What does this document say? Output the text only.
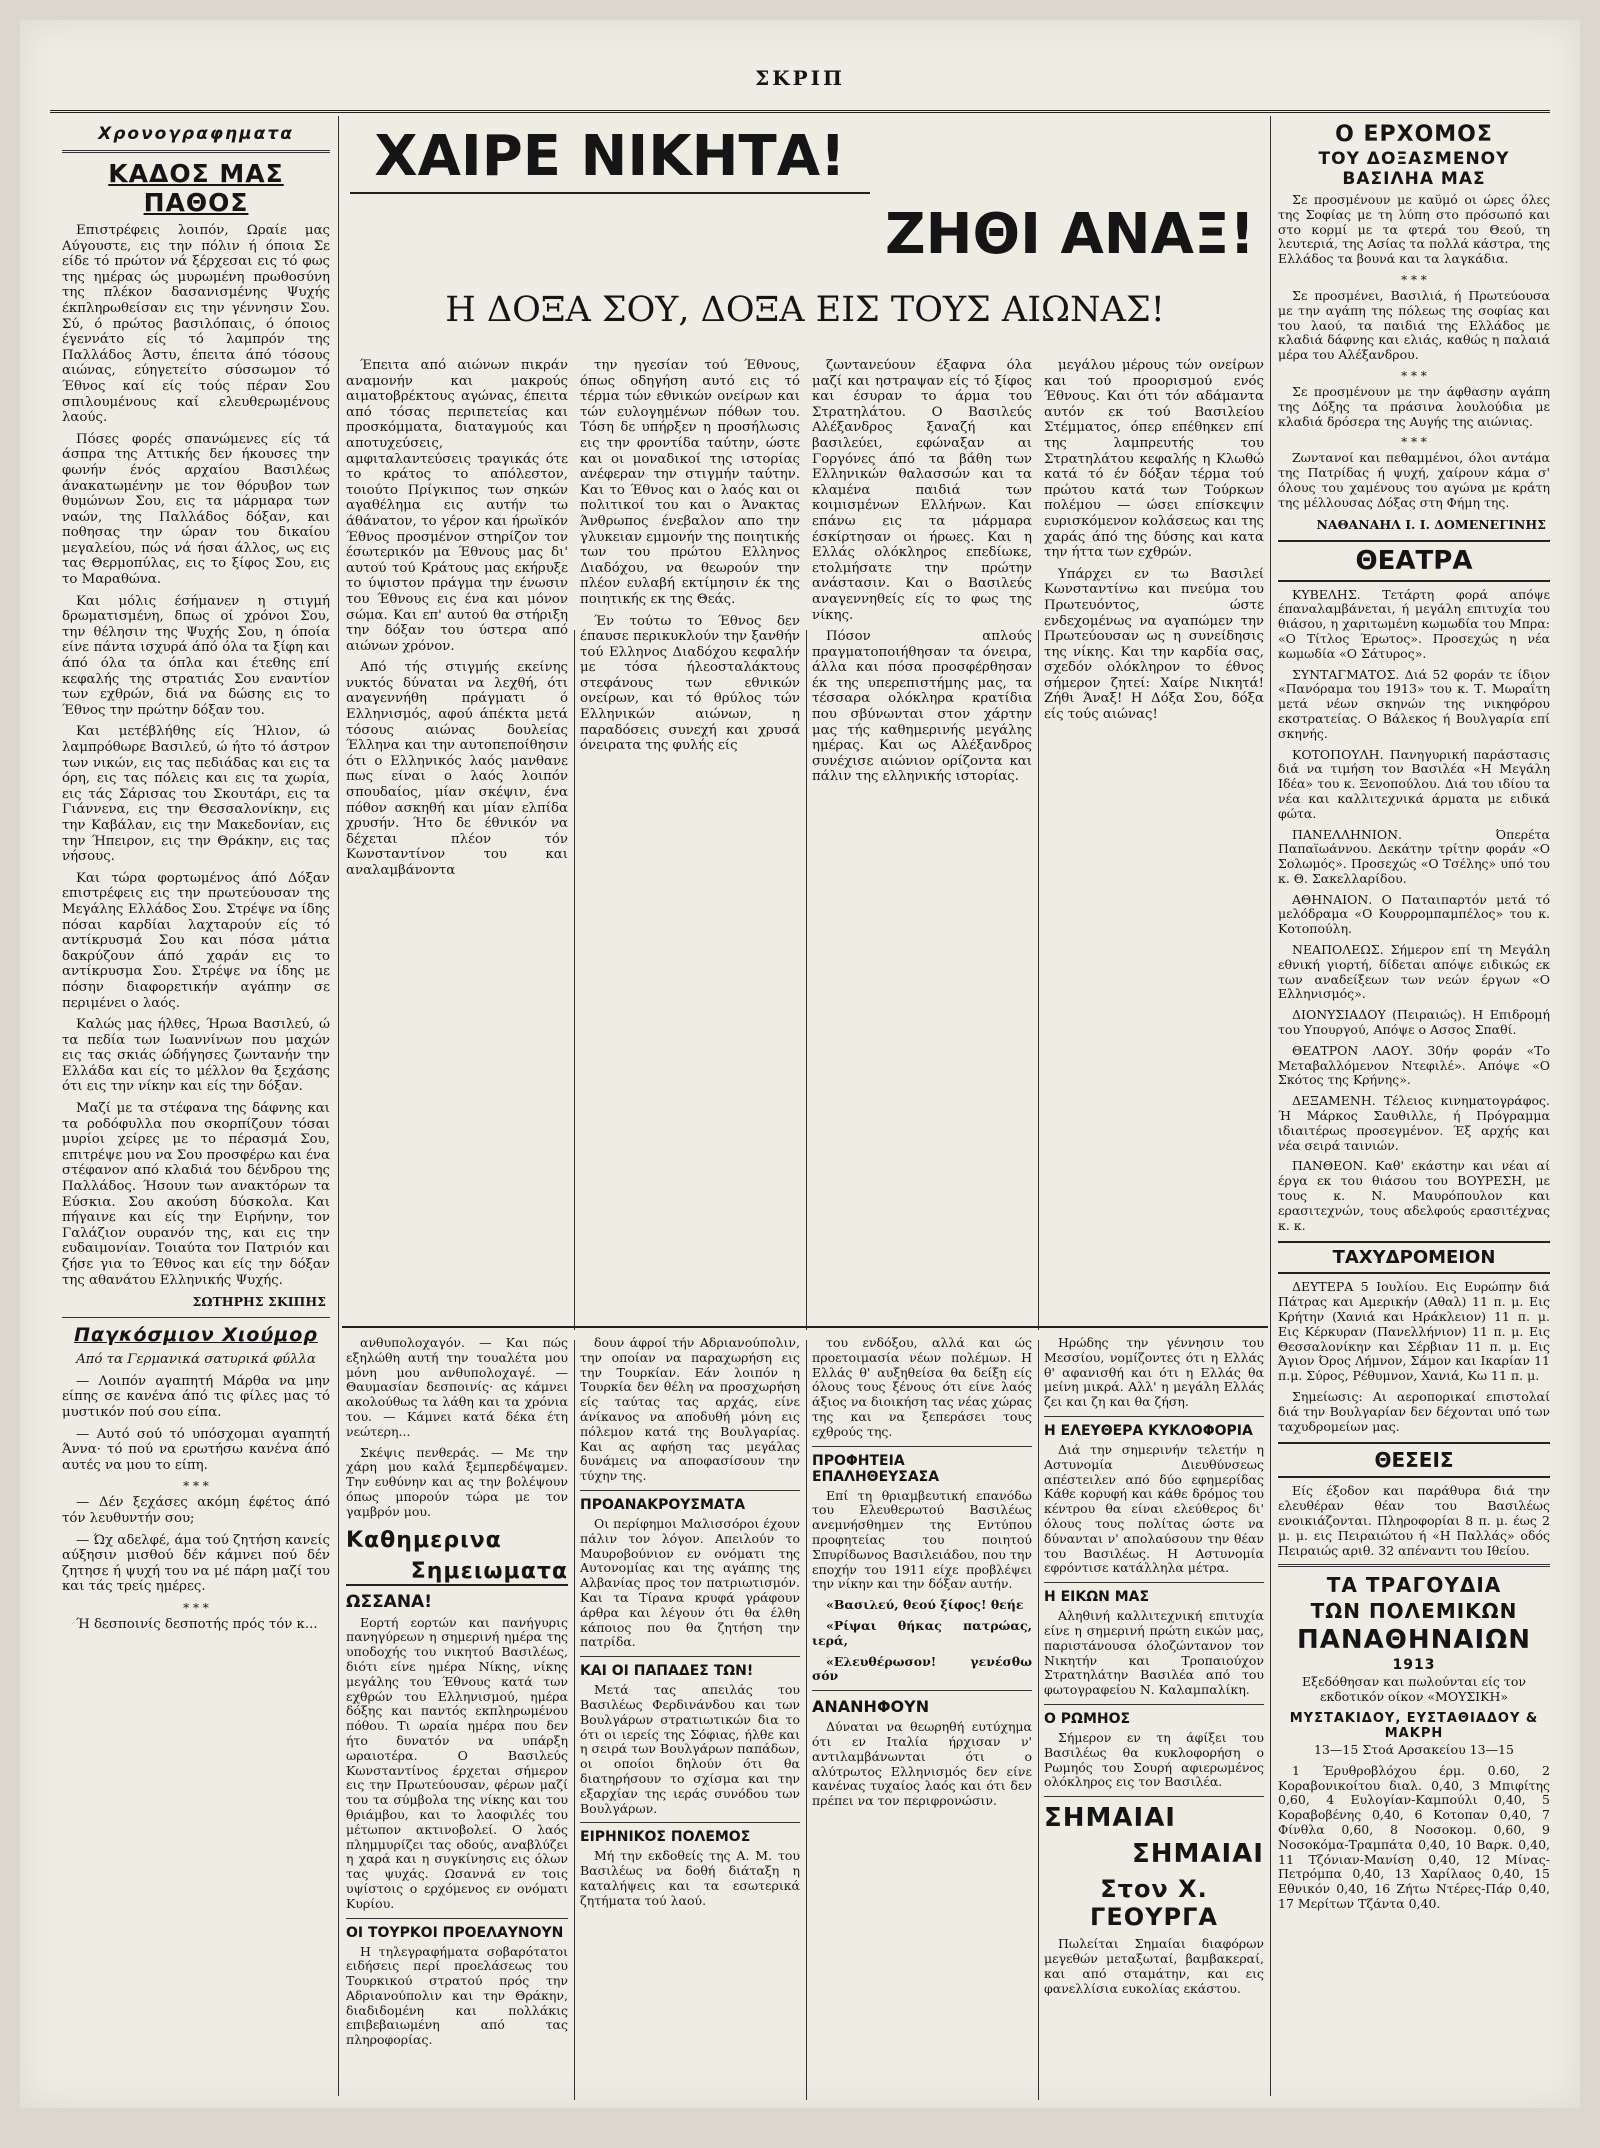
ΣΚΡΙΠ
Χρονογραφηματα
ΚΑΔΟΣ ΜΑΣ ΠΑΘΟΣ

Επιστρέφεις λοιπόν, Ωραίε μας Αύγουστε, εις την πόλιν ή όποια Σε είδε τό πρώτον νά ξέρχεσαι εις τό φως της ημέρας ώς μυρωμένη πρωθοσύνη της πλέκον δασανισμένης Ψυχής έκπληρωθείσαν εις την γέννησιν Σου. Σύ, ό πρώτος βασιλόπαις, ό όποιος έγεννάτο είς τό λαμπρόν της Παλλάδος Άστυ, έπειτα άπό τόσους αιώνας, εύηγετείτο σύσσωμον τό Έθνος καί είς τούς πέραν Σου σπιλουμένους καί ελευθερωμένους λαούς.

Πόσες φορές σπανώμενες είς τά άσπρα της Αττικής δεν ήκουσες την φωνήν ένός αρχαίου Βασιλέως άνακατωμένην με τον θόρυβον των θυμώνων Σου, εις τα μάρμαρα των ναών, της Παλλάδος δόξαν, και ποθησας την ώραν του δικαίου μεγαλείου, πώς νά ήσαι άλλος, ως εις τας Θερμοπύλας, εις το ξίφος Σου, εις το Μαραθώνα.

Και μόλις έσήμανεν η στιγμή δρωματισμένη, δπως οί χρόνοι Σου, την θέλησιν της Ψυχής Σου, η όποία είνε πάντα ισχυρά άπό όλα τα ξίφη και άπό όλα τα όπλα και έτεθης επί κεφαλής της στρατιάς Σου εναντίον των εχθρών, διά να δώσης εις το Έθνος την πρώτην δόξαν του.

Και μετέβλήθης είς Ήλιον, ώ λαμπρόθωρε Βασιλεύ, ώ ήτο τό άστρον των νικών, εις τας πεδιάδας και εις τα όρη, εις τας πόλεις και εις τα χωρία, εις τάς Σάρισας του Σκουτάρι, εις τα Γιάννενα, εις την Θεσσαλονίκην, εις την Καβάλαν, εις την Μακεδονίαν, εις την Ήπειρον, εις την Θράκην, εις τας νήσους.

Και τώρα φορτωμένος άπό Δόξαν επιστρέφεις εις την πρωτεύουσαν της Μεγάλης Ελλάδος Σου. Στρέψε να ίδης πόσαι καρδίαι λαχταρούν είς τό αντίκρυσμά Σου και πόσα μάτια δακρύζουν άπό χαράν εις το αντίκρυσμα Σου. Στρέψε να ίδης με πόσην διαφορετικήν αγάπην σε περιμένει ο λαός.

Καλώς μας ήλθες, Ήρωα Βασιλεύ, ώ τα πεδία των Ιωαννίνων που μαχών εις τας σκιάς ώδήγησες ζωντανήν την Ελλάδα και είς το μέλλον θα ξεχάσης ότι εις την νίκην και είς την δόξαν.

Μαζί με τα στέφανα της δάφνης και τα ροδόφυλλα που σκορπίζουν τόσαι μυρίοι χείρες με το πέρασμά Σου, επιτρέψε μου να Σου προσφέρω και ένα στέφανον από κλαδιά του δένδρου της Παλλάδος. Ήσουν των ανακτόρων τα Εύσκια. Σου ακούση δύσκολα. Και πήγαινε και είς την Ειρήνην, τον Γαλάζιον ουρανόν της, και εις την ευδαιμονίαν. Τοιαύτα τον Πατριόν και ζήσε για το Έθνος και είς την δόξαν της αθανάτου Ελληνικής Ψυχής.

ΣΩΤΗΡΗΣ ΣΚΙΠΗΣ
Παγκόσμιον Χιούμορ

Από τα Γερμανικά σατυρικά φύλλα

— Λοιπόν αγαπητή Μάρθα να μην είπης σε κανένα άπό τις φίλες μας τό μυστικόν πού σου είπα.

— Αυτό σού τό υπόσχομαι αγαπητή Άννα· τό πού να ερωτήσω κανένα άπό αυτές να μου το είπη.

* * *

— Δέν ξεχάσες ακόμη έφέτος άπό τόν λευθυντήν σου;

— Ώχ αδελφέ, άμα τού ζητήση κανείς αύξησιν μισθού δέν κάμνει πού δέν ζητησε ή ψυχή του να μέ πάρη μαζί του και τάς τρείς ημέρες.

* * *

Ή δεσποινίς δεσποτής πρός τόν κ...

ΧΑΙΡΕ ΝΙΚΗΤΑ!
ΖΗΘΙ ΑΝΑΞ!
Η ΔΟΞΑ ΣΟΥ, ΔΟΞΑ ΕΙΣ ΤΟΥΣ ΑΙΩΝΑΣ!

Έπειτα από αιώνων πικράν αναμονήν και μακρούς αιματοβρέκτους αγώνας, έπειτα από τόσας περιπετείας και προσκόμματα, διαταγμούς και αποτυχεύσεις, αμφιταλαντεύσεις τραγικάς ότε το κράτος το απόλεστον, τοιούτο Πρίγκιπος των σηκών αγαθέλημα εις αυτήν τω άθάνατον, το γέρον και ήρωϊκόν Έθνος προσμένον στηρίζον τον έσωτερικόν μα Έθνους μας δι' αυτού τού Κράτους μας εκήρυξε το ύψιστον πράγμα την ένωσιν του Έθνους εις ένα και μόνον σώμα. Και επ' αυτού θα στήριξη την δόξαν του ύστερα από αιώνων χρόνον.

Από τής στιγμής εκείνης νυκτός δύναται να λεχθή, ότι αναγεννήθη πράγματι ό Ελληνισμός, αφού άπέκτα μετά τόσους αιώνας δουλείας Έλληνα και την αυτοπεποίθησιν ότι ο Ελληνικός λαός μανθανε πως είναι ο λαός λοιπόν σπουδαίος, μίαν σκέψιν, ένα πόθον ασκηθή και μίαν ελπίδα χρυσήν. Ήτο δε έθνικόν να δέχεται πλέον τόν Κωνσταντίνον του και αναλαμβάνοντα

την ηγεσίαν τού Έθνους, όπως οδηγήση αυτό εις τό τέρμα τών εθνικών ονείρων και τών ευλογημένων πόθων του. Τόση δε υπήρξεν η προσήλωσις εις την φροντίδα ταύτην, ώστε και οι μοναδικοί της ιστορίας ανέφεραν την στιγμήν ταύτην. Και το Έθνος και ο λαός και οι πολιτικοί του και ο Άνακτας Άνθρωπος ένεβαλον απο την γλυκειαν εμμονήν της ποιητικής των του πρώτου Ελληνος Διαδόχου, να θεωρούν την πλέον ευλαβή εκτίμησιν έκ της ποιητικής εκ της Θεάς.

Έν τούτω το Έθνος δεν έπαυσε περικυκλούν την ξανθήν τού Ελληνος Διαδόχου κεφαλήν με τόσα ήλεοσταλάκτους στεφάνους των εθνικών ονείρων, και τό θρύλος τών Ελληνικών αιώνων, η παραδόσεις συνεχή και χρυσά όνειρατα της φυλής είς

ζωντανεύουν έξαφνα όλα μαζί και ηστραψαν είς τό ξίφος και έσυραν το άρμα του Στρατηλάτου. Ο Βασιλεύς Αλέξανδρος ξαναζή και βασιλεύει, εφώναξαν αι Γοργόνες άπό τα βάθη των Ελληνικών θαλασσών και τα κλαμένα παιδιά των κοιμισμένων Ελλήνων. Και επάνω εις τα μάρμαρα έσκίρτησαν οι ήρωες. Και η Ελλάς ολόκληρος επεδίωκε, ετολμήσατε την πρώτην ανάστασιν. Και ο Βασιλεύς αναγεννηθείς είς το φως της νίκης.

Πόσον απλούς πραγματοποιήθησαν τα όνειρα, άλλα και πόσα προσφέρθησαν έκ της υπερεπιστήμης μας, τα τέσσαρα ολόκληρα κρατίδια που σβύνωνται στον χάρτην μας τής καθημερινής μεγάλης ημέρας. Και ως Αλέξανδρος συνέχισε αιώνιον ορίζοντα και πάλιν της ελληνικής ιστορίας.

μεγάλου μέρους τών ονείρων και τού προορισμού ενός Έθνους. Και ότι τόν αδάμαντα αυτόν εκ τού Βασιλείου Στέμματος, όπερ επέθηκεν επί της λαμπρευτής του Στρατηλάτου κεφαλής η Κλωθώ κατά τό έν δόξαν τέρμα τού πρώτου κατά των Τούρκων πολέμου — ώσει επίσκεψιν ευρισκόμενον κολάσεως και της χαράς άπό της δύσης και κατα την ήττα των εχθρών.

Υπάρχει εν τω Βασιλεί Κωνσταντίνω και πνεύμα του Πρωτευόντος, ώστε ενδεχομένως να αγαπώμεν την Πρωτεύουσαν ως η συνείδησις της νίκης. Και την καρδία σας, σχεδόν ολόκληρον το έθνος σήμερον ζητεί: Χαίρε Νικητά! Ζήθι Άναξ! Η Δόξα Σου, δόξα είς τούς αιώνας!

ανθυπολοχαγόν. — Και πώς εξηλώθη αυτή την τουαλέτα μου μόνη μου ανθυπολοχαγέ. — Θαυμασίαν δεσποινίς· ας κάμνει ακολούθως τα λάθη και τα χρόνια του. — Κάμνει κατά δέκα έτη νεώτερη...

Σκέψις πενθεράς. — Με την χάρη μου καλά ξεμπερδέψαμεν. Την ευθύνην και ας την βολέψουν όπως μπορούν τώρα με τον γαμβρόν μου.

Καθημερινα
Σημειωματα
ΩΣΣΑΝΑ!

Εορτή εορτών και πανήγυρις πανηγύρεων η σημερινή ημέρα της υποδοχής του νικητού Βασιλέως, διότι είνε ημέρα Νίκης, νίκης μεγάλης του Έθνους κατά των εχθρών του Ελληνισμού, ημέρα δόξης και παντός εκπληρωμένου πόθου. Τι ωραία ημέρα που δεν ήτο δυνατόν να υπάρξη ωραιοτέρα. Ο Βασιλεύς Κωνσταντίνος έρχεται σήμερον εις την Πρωτεύουσαν, φέρων μαζί του τα σύμβολα της νίκης και του θριάμβου, και το λαοφιλές του μέτωπον ακτινοβολεί. Ο λαός πλημμυρίζει τας οδούς, αναβλύζει η χαρά και η συγκίνησις εις όλων τας ψυχάς. Ωσαννά εν τοις υψίστοις ο ερχόμενος εν ονόματι Κυρίου.

ΟΙ ΤΟΥΡΚΟΙ ΠΡΟΕΛΑΥΝΟΥΝ

Η τηλεγραφήματα σοβαρότατοι ειδήσεις περί προελάσεως του Τουρκικού στρατού πρός την Αδριανούπολιν και την Θράκην, διαδιδομένη και πολλάκις επιβεβαιωμένη από τας πληροφορίας.

δουν άφροί τήν Αδριανούπολιν, την οποίαν να παραχωρήση εις την Τουρκίαν. Εάν λοιπόν η Τουρκία δεν θέλη να προσχωρήση είς ταύτας τας αρχάς, είνε άνίκανος να αποδυθή μόνη εις πόλεμον κατά της Βουλγαρίας. Και ας αφήση τας μεγάλας δυνάμεις να αποφασίσουν την τύχην της.

ΠΡΟΑΝΑΚΡΟΥΣΜΑΤΑ

Οι περίφημοι Μαλισσόροι έχουν πάλιν τον λόγον. Απειλούν το Μαυροβούνιον εν ονόματι της Αυτονομίας και της αγάπης της Αλβανίας προς τον πατριωτισμόν. Και τα Τίρανα κρυφά γράφουν άρθρα και λέγουν ότι θα έλθη κάποιος που θα ζητήση την πατρίδα.

ΚΑΙ ΟΙ ΠΑΠΑΔΕΣ ΤΩΝ!

Μετά τας απειλάς του Βασιλέως Φερδινάνδου και των Βουλγάρων στρατιωτικών δια το ότι οι ιερείς της Σόφιας, ήλθε και η σειρά των Βουλγάρων παπάδων, οι οποίοι δηλούν ότι θα διατηρήσουν το σχίσμα και την εξαρχίαν της ιεράς συνόδου των Βουλγάρων.

ΕΙΡΗΝΙΚΟΣ ΠΟΛΕΜΟΣ

Μή την εκδοθείς της Α. Μ. του Βασιλέως να δοθή διάταξη η καταλήψεις και τα εσωτερικά ζητήματα τού λαού.

του ενδόξου, αλλά και ώς προετοιμασία νέων πολέμων. Η Ελλάς θ' αυξηθείσα θα δείξη είς όλους τους ξένους ότι είνε λαός άξιος να διοικήση τας νέας χώρας της και να ξεπεράσει τους εχθρούς της.

ΠΡΟΦΗΤΕΙΑ ΕΠΑΛΗΘΕΥΣΑΣΑ

Επί τη θριαμβευτική επανόδω του Ελευθερωτού Βασιλέως ανεμνήσθημεν της Εντύπου προφητείας του ποιητού Σπυρίδωνος Βασιλειάδου, που την εποχήν του 1911 είχε προβλέψει την νίκην και την δόξαν αυτήν.

«Βασιλεύ, θεού ξίφος! θεήε

«Ρίψαι θήκας πατρώας, ιερά,

«Ελευθέρωσον! γενέσθω σόν

ΑΝΑΝΗΦΟΥΝ

Δύναται να θεωρηθή ευτύχημα ότι εν Ιταλία ήρχισαν ν' αντιλαμβάνωνται ότι ο αλύτρωτος Ελληνισμός δεν είνε κανένας τυχαίος λαός και ότι δεν πρέπει να τον περιφρονώσιν.

Ηρώδης την γέννησιν του Μεσσίου, νομίζοντες ότι η Ελλάς θ' αφανισθή και ότι η Ελλάς θα μείνη μικρά. Αλλ' η μεγάλη Ελλάς ζει και ζη και θα ζήση.

Η ΕΛΕΥΘΕΡΑ ΚΥΚΛΟΦΟΡΙΑ

Διά την σημερινήν τελετήν η Αστυνομία Διευθύνσεως απέστειλεν από δύο εφημερίδας Κάθε κορυφή και κάθε δρόμος του κέντρου θα είναι ελεύθερος δι' όλους τους πολίτας ώστε να δύνανται ν' απολαύσουν την θέαν του Βασιλέως. Η Αστυνομία εφρόντισε κατάλληλα μέτρα.

Η ΕΙΚΩΝ ΜΑΣ

Αληθινή καλλιτεχνική επιτυχία είνε η σημερινή πρώτη εικών μας, παριστάνουσα όλοζώντανον τον Νικητήν και Τροπαιούχον Στρατηλάτην Βασιλέα από του φωτογραφείου Ν. Καλαμπαλίκη.

Ο ΡΩΜΗΟΣ

Σήμερον εν τη άφίξει του Βασιλέως θα κυκλοφορήση ο Ρωμηός του Σουρή αφιερωμένος ολόκληρος εις τον Βασιλέα.

ΣΗΜΑΙΑΙ
ΣΗΜΑΙΑΙ
Στον Χ. ΓΕΟΥΡΓΑ

Πωλείται Σημαίαι διαφόρων μεγεθών μεταξωταί, βαμβακεραί, και από σταμάτην, και εις φανελλίσια ευκολίας εκάστου.

Ο ΕΡΧΟΜΟΣ
ΤΟΥ ΔΟΞΑΣΜΕΝΟΥ
ΒΑΣΙΛΗΑ ΜΑΣ

Σε προσμένουν με καϋμό οι ώρες όλες της Σοφίας με τη λύπη στο πρόσωπό και στο κορμί με τα φτερά του Θεού, τη λευτεριά, της Ασίας τα πολλά κάστρα, της Ελλάδος τα βουνά και τα λαγκάδια.

* * *

Σε προσμένει, Βασιλιά, ή Πρωτεύουσα με την αγάπη της πόλεως της σοφίας και του λαού, τα παιδιά της Ελλάδος με κλαδιά δάφνης και ελιάς, καθώς η παλαιά μέρα του Αλέξανδρου.

* * *

Σε προσμένουν με την άφθασην αγάπη της Δόξης τα πράσινα λουλούδια με κλαδιά δρόσερα της Αυγής της αιώνιας.

* * *

Ζωντανοί και πεθαμμένοι, όλοι αντάμα της Πατρίδας ή ψυχή, χαίρουν κάμα σ' όλους του χαμένους του αγώνα με κράτη της μέλλουσας Δόξας στη Φήμη της.

ΝΑΘΑΝΑΗΛ Ι. Ι. ΔΟΜΕΝΕΓΙΝΗΣ
ΘΕΑΤΡΑ

ΚΥΒΕΛΗΣ. Τετάρτη φορά απόψε έπαναλαμβάνεται, ή μεγάλη επιτυχία του θιάσου, η χαριτωμένη κωμωδία του Μπρα: «Ο Τίτλος Έρωτος». Προσεχώς η νέα κωμωδία «Ο Σάτυρος».

ΣΥΝΤΑΓΜΑΤΟΣ. Διά 52 φοράν τε ίδιον «Πανόραμα του 1913» του κ. Τ. Μωραΐτη μετά νέων σκηνών της νικηφόρου εκστρατείας. Ο Βάλεκος ή Βουλγαρία επί σκηνής.

ΚΟΤΟΠΟΥΛΗ. Πανηγυρική παράστασις διά να τιμήση τον Βασιλέα «Η Μεγάλη Ιδέα» του κ. Ξενοπούλου. Διά του ιδίου τα νέα και καλλιτεχνικά άρματα με ειδικά φώτα.

ΠΑΝΕΛΛΗΝΙΟΝ. Όπερέτα Παπαϊωάννου. Δεκάτην τρίτην φοράν «Ο Σολωμός». Προσεχώς «Ο Τσέλης» υπό του κ. Θ. Σακελλαρίδου.

ΑΘΗΝΑΙΟΝ. Ο Παταιπαρτόν μετά τό μελόδραμα «Ο Κουρρομπαμπέλος» του κ. Κοτοπούλη.

ΝΕΑΠΟΛΕΩΣ. Σήμερον επί τη Μεγάλη εθνική γιορτή, δίδεται απόψε ειδικώς εκ των αναδείξεων των νεών έργων «Ο Ελληνισμός».

ΔΙΟΝΥΣΙΑΔΟΥ (Πειραιώς). Η Επιδρομή του Υπουργού, Απόψε ο Ασσος Σπαθί.

ΘΕΑΤΡΟΝ ΛΑΟΥ. 30ήν φοράν «Το Μεταβαλλόμενον Ντεφιλέ». Απόψε «Ο Σκότος της Κρήνης».

ΔΕΞΑΜΕΝΗ. Τέλειος κινηματογράφος. Ή Μάρκος Σαυθιλλε, ή Πρόγραμμα ιδιαιτέρως προσεγμένον. Έξ αρχής και νέα σειρά ταινιών.

ΠΑΝΘΕΟΝ. Καθ' εκάστην και νέαι αί έργα εκ του θιάσου του ΒΟΥΡΕΣΗ, με τους κ. Ν. Μαυρόπουλον και ερασιτεχνών, τους αδελφούς ερασιτέχνας κ. κ.

ΤΑΧΥΔΡΟΜΕΙΟΝ

ΔΕΥΤΕΡΑ 5 Ιουλίου. Εις Ευρώπην διά Πάτρας και Αμερικήν (Αθαλ) 11 π. μ. Εις Κρήτην (Χανιά και Ηράκλειον) 11 π. μ. Εις Κέρκυραν (Πανελλήνιον) 11 π. μ. Εις Θεσσαλονίκην και Σέρβιαν 11 π. μ. Εις Άγιον Όρος Λήμνον, Σάμον και Ικαρίαν 11 π.μ. Σύρος, Ρέθυμνον, Χανιά, Κω 11 π. μ.

Σημείωσις: Αι αεροπορικαί επιστολαί διά την Βουλγαρίαν δεν δέχονται υπό των ταχυδρομείων μας.

ΘΕΣΕΙΣ

Είς έξοδον και παράθυρα διά την ελευθέραν θέαν του Βασιλέως ενοικιάζονται. Πληροφορίαι 8 π. μ. έως 2 μ. μ. εις Πειραιώτου ή «Η Παλλάς» οδός Πειραιώς αριθ. 32 απέναντι του Ιθείου.

ΤΑ ΤΡΑΓΟΥΔΙΑ
ΤΩΝ ΠΟΛΕΜΙΚΩΝ
ΠΑΝΑΘΗΝΑΙΩΝ
1913

Εξεδόθησαν και πωλούνται είς τον εκδοτικόν οίκον «ΜΟΥΣΙΚΗ»

ΜΥΣΤΑΚΙΔΟΥ, ΕΥΣΤΑΘΙΑΔΟΥ & ΜΑΚΡΗ

13—15 Στοά Αρσακείου 13—15

1 Έρυθροβλόχου έρμ. 0.60, 2 Κοραβονικοίτου διαλ. 0,40, 3 Μπιφίτης 0,60, 4 Ευλογίαν-Καμπούλι 0,40, 5 Κοραβοβένης 0,40, 6 Κοτοπαν 0,40, 7 Φίνθλα 0,60, 8 Νοσοκομ. 0,60, 9 Νοσοκόμα-Τραμπάτα 0,40, 10 Βαρκ. 0,40, 11 Τζόνιαν-Μανίση 0,40, 12 Μίνας-Πετρόμπα 0,40, 13 Χαρίλαος 0,40, 15 Εθνικόν 0,40, 16 Ζήτω Ντέρες-Πάρ 0,40, 17 Μερίτων Τζάντα 0,40.
